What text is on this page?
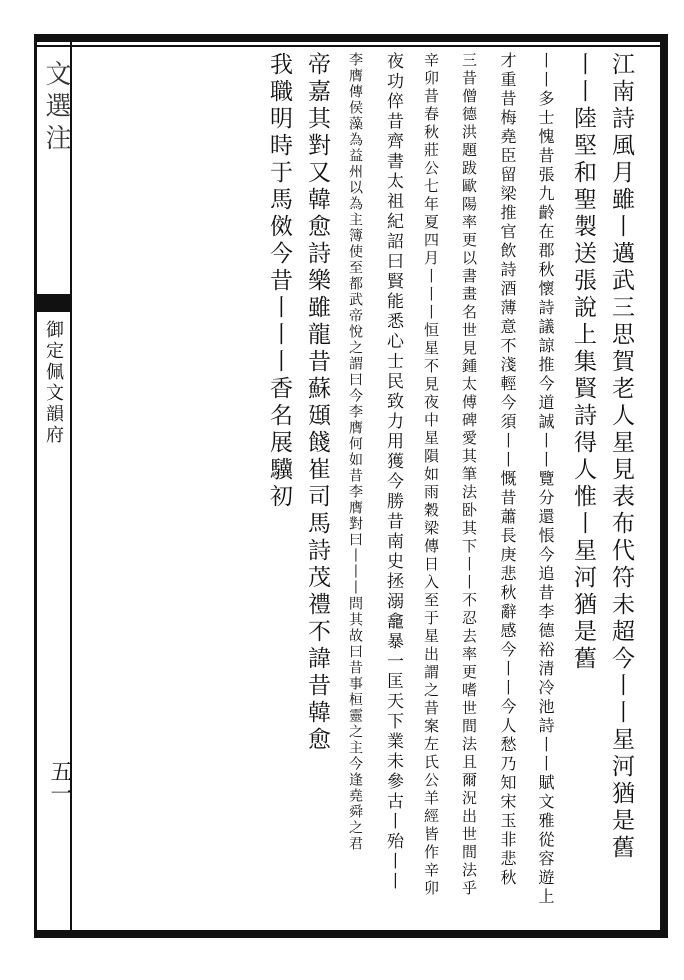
文選注
御定佩文韻府
五一	江南詩風月雖丨邁武三思賀老人星見表布代符未超今丨丨星河猶是舊
丨丨陸堅和聖製送張說上集賢詩得人惟丨星河猶是舊
丨丨多士愧昔張九齡在郡秋懷詩議諒推今道誠丨丨覽分還悵今追昔李德裕清冷池詩丨丨賦文雅從容遊上
才重昔梅堯臣留梁推官飲詩酒薄意不淺輕今須丨丨慨昔蕭長庚悲秋辭感今丨丨今人愁乃知宋玉非悲秋
三昔僧德洪題跋歐陽率更以書畫名世見鍾太傅碑愛其筆法卧其下丨丨不忍去率更嗜世間法且爾況出世間法乎
辛卯昔春秋莊公七年夏四月丨丨丨恒星不見夜中星隕如雨穀梁傳日入至于星出謂之昔案左氏公羊經皆作辛卯
夜功倅昔齊書太祖紀詔曰賢能悉心士民致力用獲今勝昔南史拯溺龕暴一匡天下業未參古丨殆丨丨
李膺傳侯藻為益州以為主簿使至都武帝悅之謂曰今李膺何如昔李膺對曰丨丨丨問其故曰昔事桓靈之主今逢堯舜之君
帝嘉其對又韓愈詩樂雖龍昔蘇頲餞崔司馬詩茂禮不諱昔韓愈
我職明時于馬傚今昔丨丨丨香名展驥初
